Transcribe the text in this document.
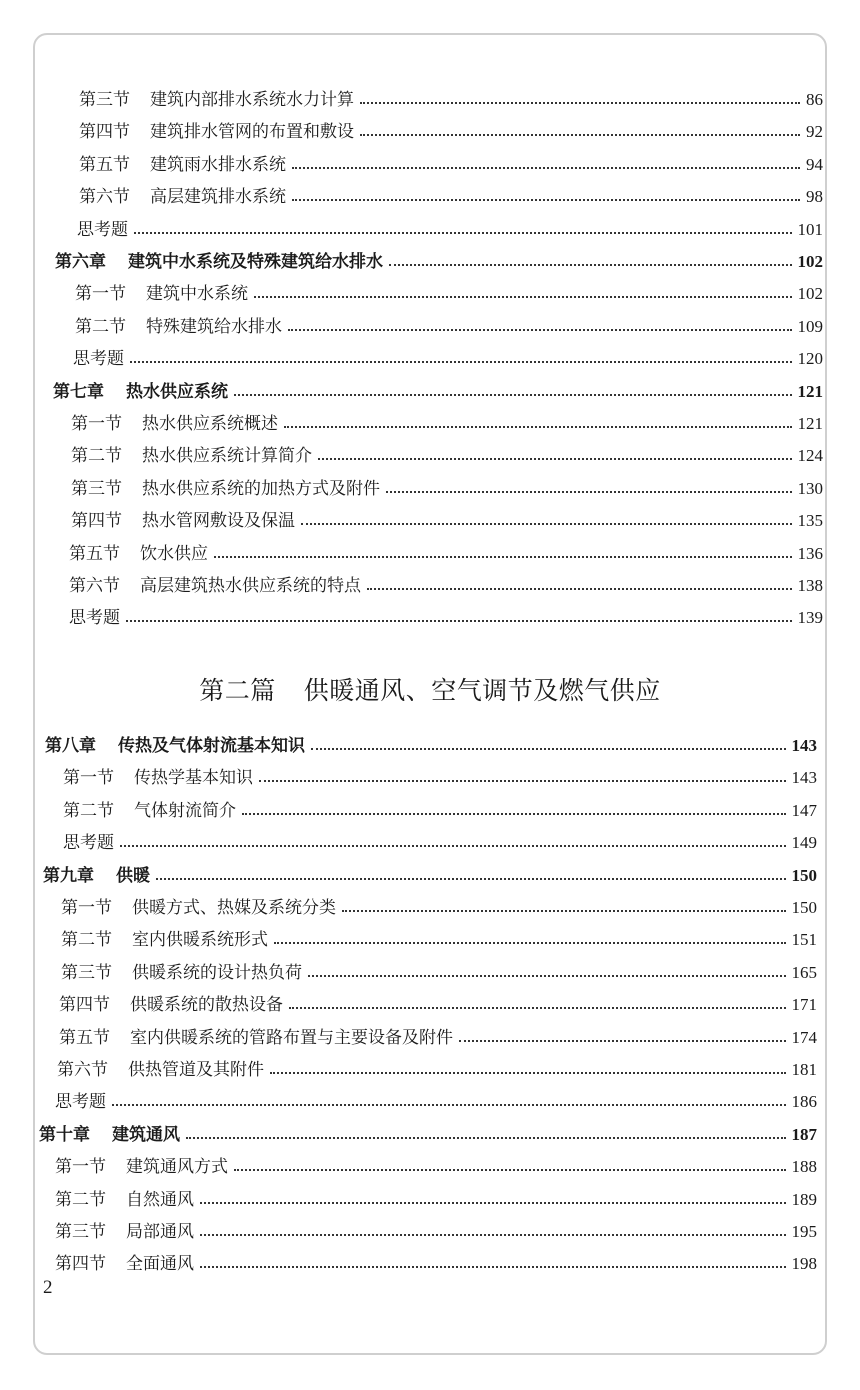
第三节 建筑内部排水系统水力计算	86
第四节 建筑排水管网的布置和敷设	92
第五节 建筑雨水排水系统	94
第六节 高层建筑排水系统	98
思考题	101
第六章 建筑中水系统及特殊建筑给水排水	102
第一节 建筑中水系统	102
第二节 特殊建筑给水排水	109
思考题	120
第七章 热水供应系统	121
第一节 热水供应系统概述	121
第二节 热水供应系统计算简介	124
第三节 热水供应系统的加热方式及附件	130
第四节 热水管网敷设及保温	135
第五节 饮水供应	136
第六节 高层建筑热水供应系统的特点	138
思考题	139
第八章 传热及气体射流基本知识	143
第一节 传热学基本知识	143
第二节 气体射流简介	147
思考题	149
第九章 供暖	150
第一节 供暖方式、热媒及系统分类	150
第二节 室内供暖系统形式	151
第三节 供暖系统的设计热负荷	165
第四节 供暖系统的散热设备	171
第五节 室内供暖系统的管路布置与主要设备及附件	174
第六节 供热管道及其附件	181
思考题	186
第十章 建筑通风	187
第一节 建筑通风方式	188
第二节 自然通风	189
第三节 局部通风	195
第四节 全面通风	198
第二篇 供暖通风、空气调节及燃气供应
2
